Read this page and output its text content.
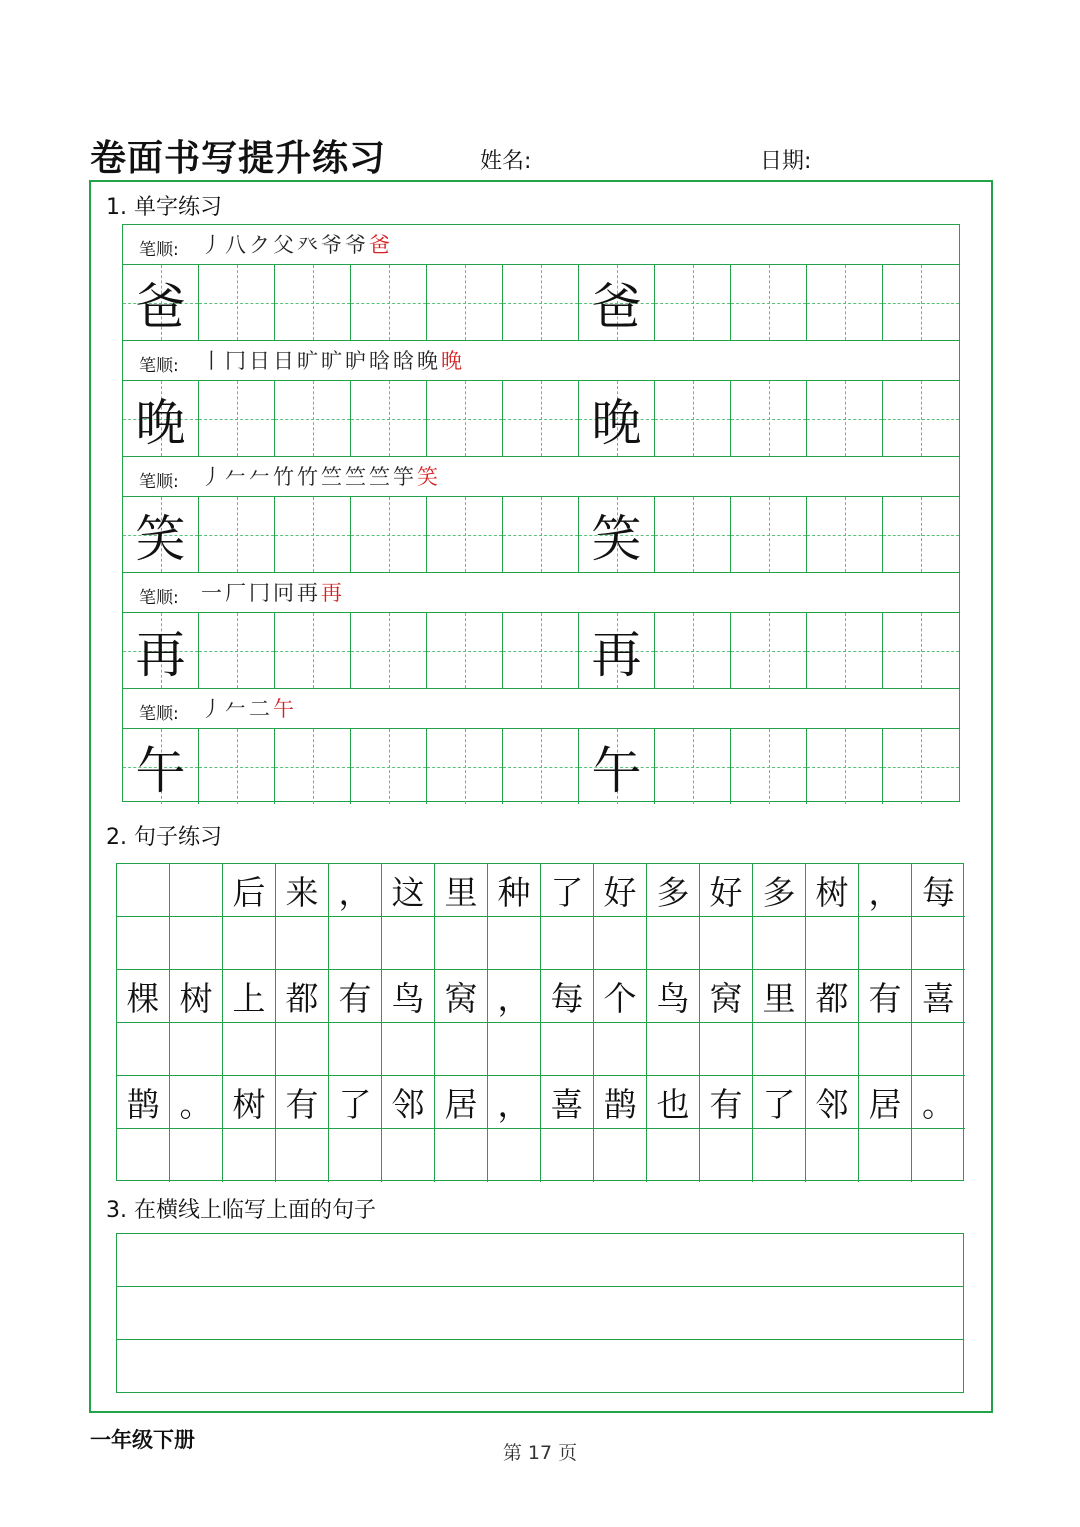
卷面书写提升练习	姓名:	日期:
1. 单字练习
笔顺: 丿八ク父癶爷爷爸
爸	爸
笔顺: 丨冂日日旷旷昈晗晗晚晚
晚	晚
笔顺: 丿𠂉𠂉竹竹竺竺竺竽笑
笑	笑
笔顺: 一厂冂冋再再
再	再
笔顺: 丿𠂉二午
午	午
2. 句子练习
后 来 ， 这 里 种 了 好 多 好 多 树 ， 每
棵 树 上 都 有 鸟 窝 ， 每 个 鸟 窝 里 都 有 喜
鹊 。 树 有 了 邻 居 ， 喜 鹊 也 有 了 邻 居 。
3. 在横线上临写上面的句子
一年级下册
第 17 页
